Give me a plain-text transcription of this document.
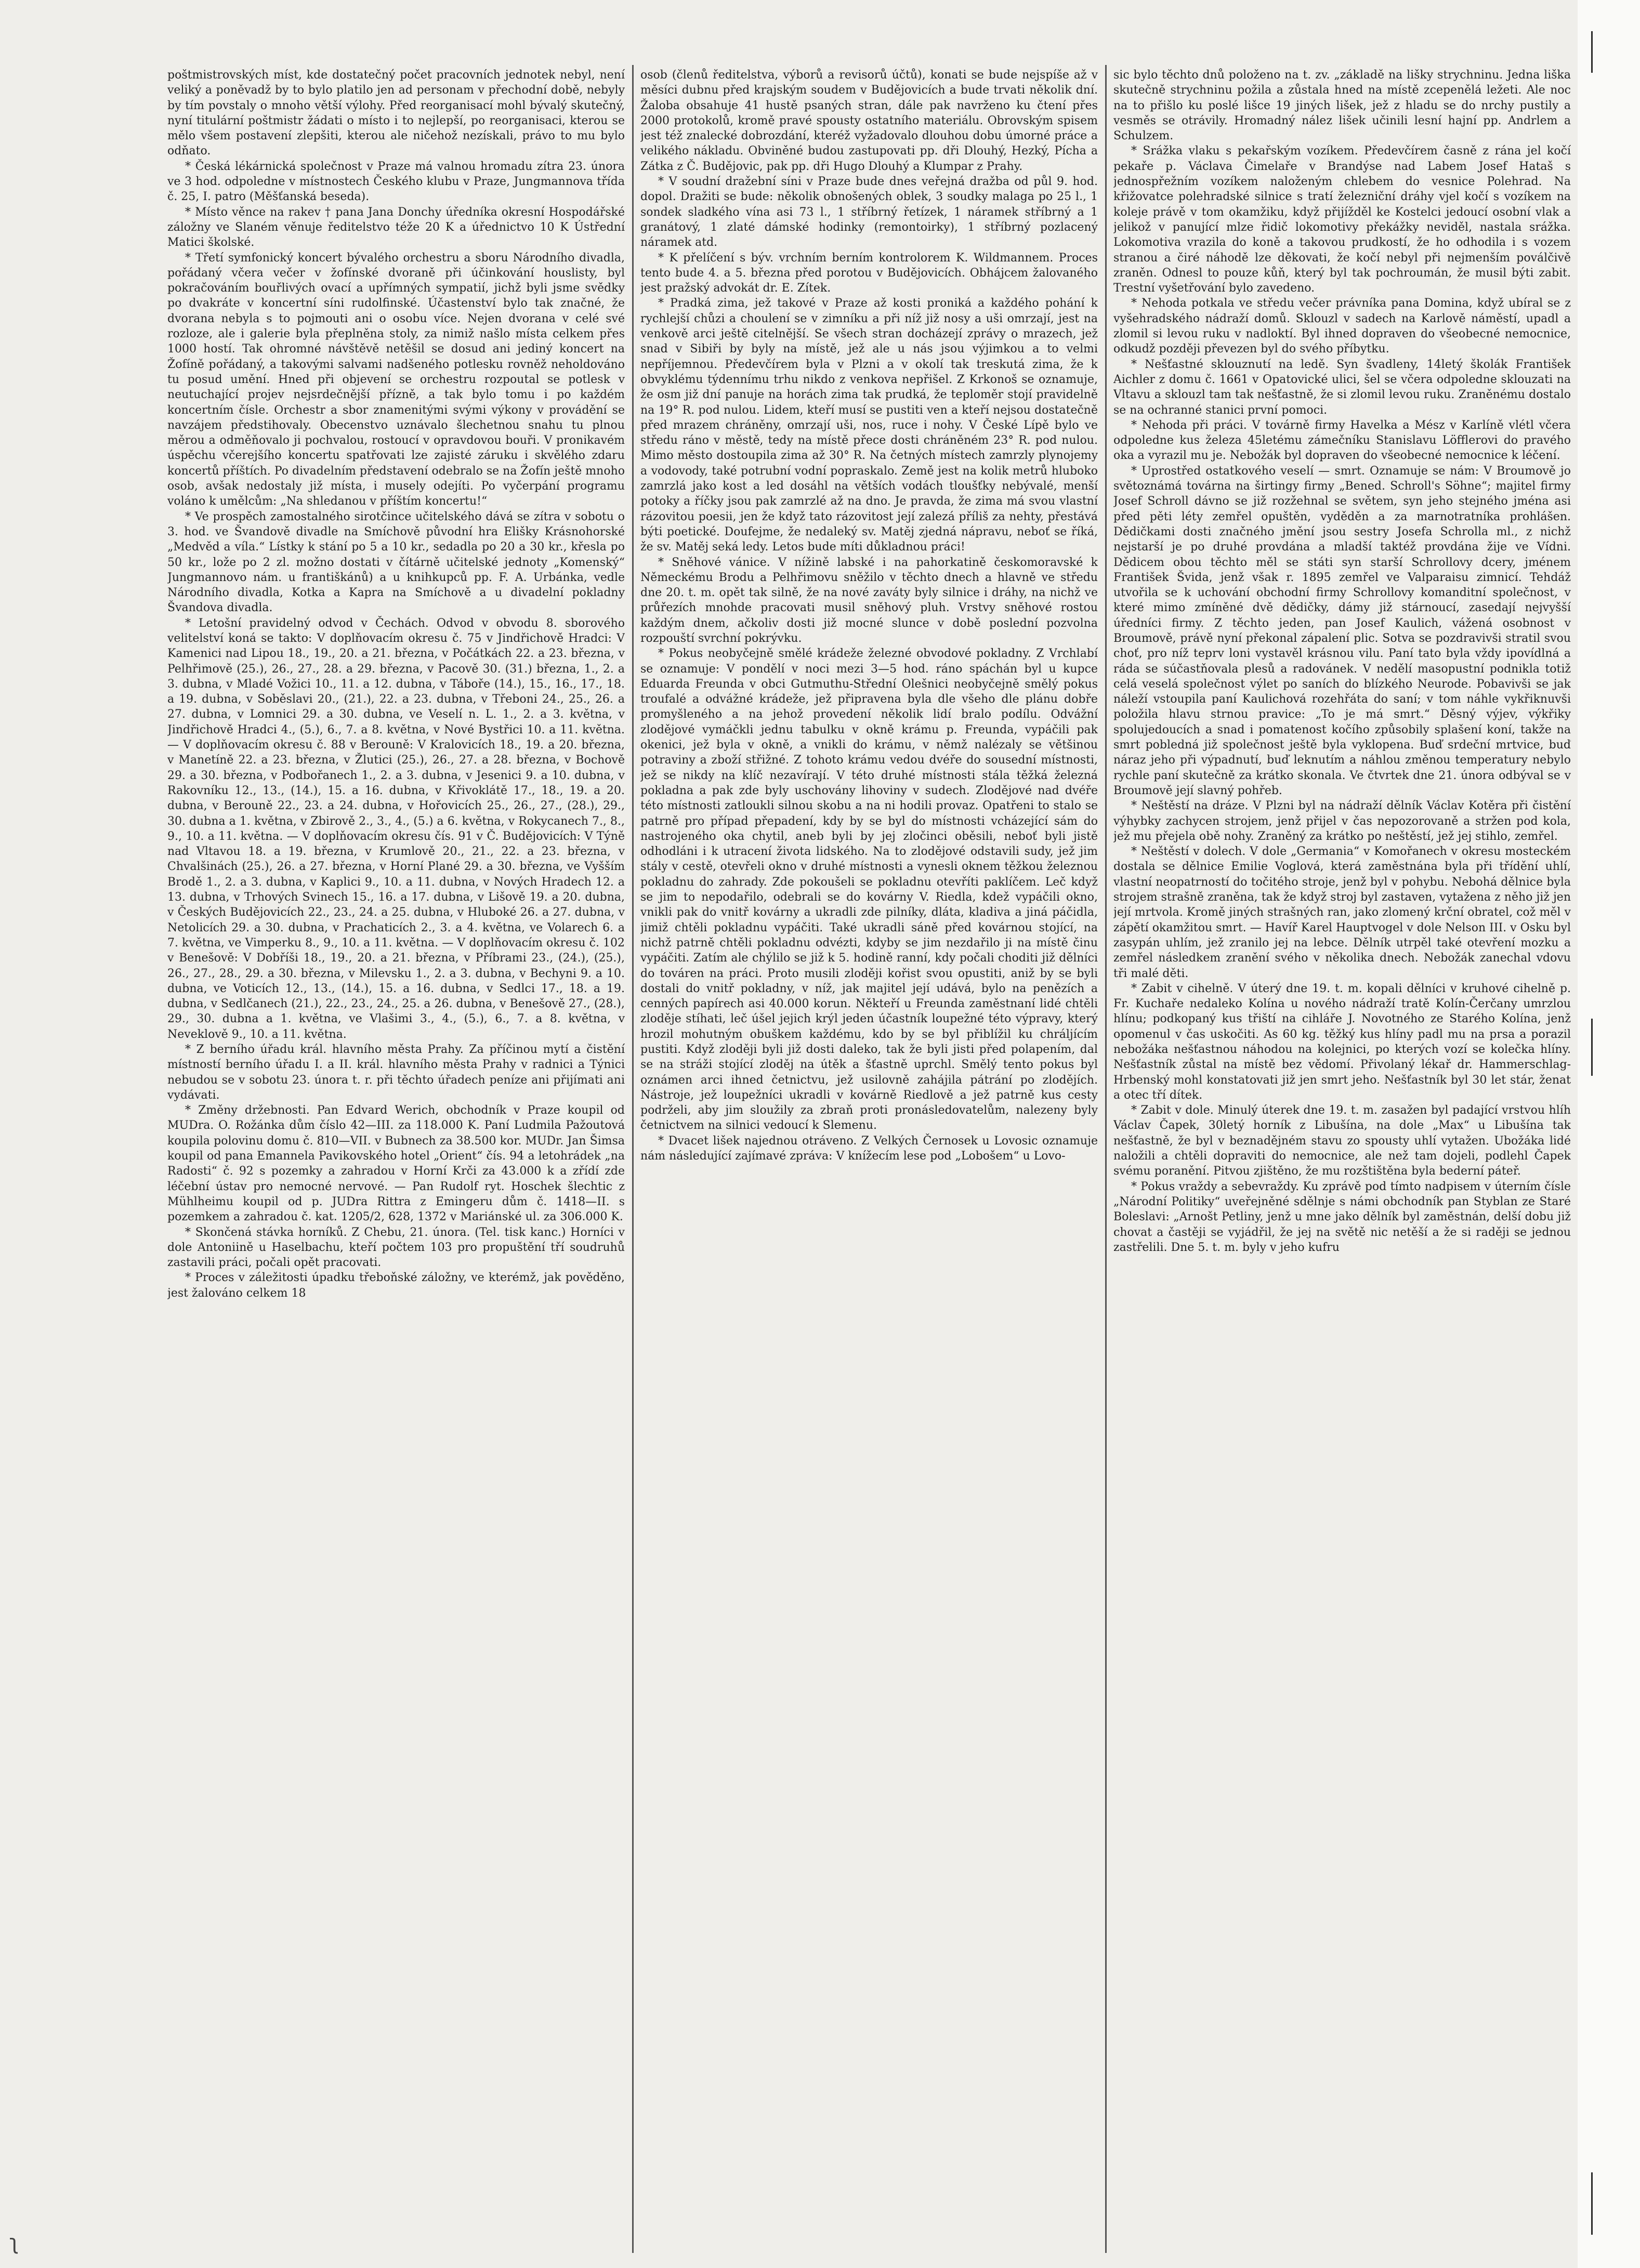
poštmistrovských míst, kde dostatečný počet pracovních jednotek nebyl, není veliký a poněvadž by to bylo platilo jen ad personam v přechodní době, nebyly by tím povstaly o mnoho větší výlohy. Před reorganisací mohl bývalý skutečný, nyní titulární poštmistr žádati o místo i to nejlepší, po reorganisaci, kterou se mělo všem postavení zlepšiti, kterou ale ničehož nezískali, právo to mu bylo odňato.

* Česká lékárnická společnost v Praze má valnou hromadu zítra 23. února ve 3 hod. odpoledne v místnostech Českého klubu v Praze, Jungmannova třída č. 25, I. patro (Měšťanská beseda).

* Místo věnce na rakev † pana Jana Donchy úředníka okresní Hospodářské záložny ve Slaném věnuje ředitelstvo téže 20 K a úřednictvo 10 K Ústřední Matici školské.

* Třetí symfonický koncert bývalého orchestru a sboru Národního divadla, pořádaný včera večer v žofínské dvoraně při účinkování houslisty, byl pokračováním bouřlivých ovací a upřímných sympatií, jichž byli jsme svědky po dvakráte v koncertní síni rudolfinské. Účastenství bylo tak značné, že dvorana nebyla s to pojmouti ani o osobu více. Nejen dvorana v celé své rozloze, ale i galerie byla přeplněna stoly, za nimiž našlo místa celkem přes 1000 hostí. Tak ohromné návštěvě netěšil se dosud ani jediný koncert na Žofíně pořádaný, a takovými salvami nadšeného potlesku rovněž neholdováno tu posud umění. Hned při objevení se orchestru rozpoutal se potlesk v neutuchající projev nejsrdečnější přízně, a tak bylo tomu i po každém koncertním čísle. Orchestr a sbor znamenitými svými výkony v provádění se navzájem předstihovaly. Obecenstvo uznávalo šlechetnou snahu tu plnou měrou a odměňovalo ji pochvalou, rostoucí v opravdovou bouři. V pronikavém úspěchu včerejšího koncertu spatřovati lze zajisté záruku i skvělého zdaru koncertů příštích. Po divadelním představení odebralo se na Žofín ještě mnoho osob, avšak nedostaly již místa, i musely odejíti. Po vyčerpání programu voláno k umělcům: „Na shledanou v příštím koncertu!“

* Ve prospěch zamostalného sirotčince učitelského dává se zítra v sobotu o 3. hod. ve Švandově divadle na Smíchově původní hra Elišky Krásnohorské „Medvěd a víla.“ Lístky k stání po 5 a 10 kr., sedadla po 20 a 30 kr., křesla po 50 kr., lože po 2 zl. možno dostati v čítárně učitelské jednoty „Komenský“ Jungmannovo nám. u františkánů) a u knihkupců pp. F. A. Urbánka, vedle Národního divadla, Kotka a Kapra na Smíchově a u divadelní pokladny Švandova divadla.

* Letošní pravidelný odvod v Čechách. Odvod v obvodu 8. sborového velitelství koná se takto: V doplňovacím okresu č. 75 v Jindřichově Hradci: V Kamenici nad Lipou 18., 19., 20. a 21. března, v Počátkách 22. a 23. března, v Pelhřimově (25.), 26., 27., 28. a 29. března, v Pacově 30. (31.) března, 1., 2. a 3. dubna, v Mladé Vožici 10., 11. a 12. dubna, v Táboře (14.), 15., 16., 17., 18. a 19. dubna, v Soběslavi 20., (21.), 22. a 23. dubna, v Třeboni 24., 25., 26. a 27. dubna, v Lomnici 29. a 30. dubna, ve Veselí n. L. 1., 2. a 3. května, v Jindřichově Hradci 4., (5.), 6., 7. a 8. května, v Nové Bystřici 10. a 11. května. — V doplňovacím okresu č. 88 v Berouně: V Kralovicích 18., 19. a 20. března, v Manetíně 22. a 23. března, v Žlutici (25.), 26., 27. a 28. března, v Bochově 29. a 30. března, v Podbořanech 1., 2. a 3. dubna, v Jesenici 9. a 10. dubna, v Rakovníku 12., 13., (14.), 15. a 16. dubna, v Křivoklátě 17., 18., 19. a 20. dubna, v Berouně 22., 23. a 24. dubna, v Hořovicích 25., 26., 27., (28.), 29., 30. dubna a 1. května, v Zbirově 2., 3., 4., (5.) a 6. května, v Rokycanech 7., 8., 9., 10. a 11. května. — V doplňovacím okresu čís. 91 v Č. Budějovicích: V Týně nad Vltavou 18. a 19. března, v Krumlově 20., 21., 22. a 23. března, v Chvalšinách (25.), 26. a 27. března, v Horní Plané 29. a 30. března, ve Vyšším Brodě 1., 2. a 3. dubna, v Kaplici 9., 10. a 11. dubna, v Nových Hradech 12. a 13. dubna, v Trhových Svinech 15., 16. a 17. dubna, v Lišově 19. a 20. dubna, v Českých Budějovicích 22., 23., 24. a 25. dubna, v Hluboké 26. a 27. dubna, v Netolicích 29. a 30. dubna, v Prachaticích 2., 3. a 4. května, ve Volarech 6. a 7. května, ve Vimperku 8., 9., 10. a 11. května. — V doplňovacím okresu č. 102 v Benešově: V Dobříši 18., 19., 20. a 21. března, v Příbrami 23., (24.), (25.), 26., 27., 28., 29. a 30. března, v Milevsku 1., 2. a 3. dubna, v Bechyni 9. a 10. dubna, ve Voticích 12., 13., (14.), 15. a 16. dubna, v Sedlci 17., 18. a 19. dubna, v Sedlčanech (21.), 22., 23., 24., 25. a 26. dubna, v Benešově 27., (28.), 29., 30. dubna a 1. května, ve Vlašimi 3., 4., (5.), 6., 7. a 8. května, v Neveklově 9., 10. a 11. května.

* Z berního úřadu král. hlavního města Prahy. Za příčinou mytí a čistění místností berního úřadu I. a II. král. hlavního města Prahy v radnici a Týnici nebudou se v sobotu 23. února t. r. při těchto úřadech peníze ani přijímati ani vydávati.

* Změny držebnosti. Pan Edvard Werich, obchodník v Praze koupil od MUDra. O. Rožánka dům číslo 42—III. za 118.000 K. Paní Ludmila Pažoutová koupila polovinu domu č. 810—VII. v Bubnech za 38.500 kor. MUDr. Jan Šimsa koupil od pana Emannela Pavikovského hotel „Orient“ čís. 94 a letohrádek „na Radosti“ č. 92 s pozemky a zahradou v Horní Krči za 43.000 k a zřídí zde léčební ústav pro nemocné nervové. — Pan Rudolf ryt. Hoschek šlechtic z Mühlheimu koupil od p. JUDra Rittra z Emingeru dům č. 1418—II. s pozemkem a zahradou č. kat. 1205/2, 628, 1372 v Mariánské ul. za 306.000 K.

* Skončená stávka horníků. Z Chebu, 21. února. (Tel. tisk kanc.) Horníci v dole Antoniině u Haselbachu, kteří počtem 103 pro propuštění tří soudruhů zastavili práci, počali opět pracovati.

* Proces v záležitosti úpadku třeboňské záložny, ve kterémž, jak pověděno, jest žalováno celkem 18

osob (členů ředitelstva, výborů a revisorů účtů), konati se bude nejspíše až v měsíci dubnu před krajským soudem v Budějovicích a bude trvati několik dní. Žaloba obsahuje 41 hustě psaných stran, dále pak navrženo ku čtení přes 2000 protokolů, kromě pravé spousty ostatního materiálu. Obrovským spisem jest též znalecké dobrozdání, kteréž vyžadovalo dlouhou dobu úmorné práce a velikého nákladu. Obviněné budou zastupovati pp. dři Dlouhý, Hezký, Pícha a Zátka z Č. Budějovic, pak pp. dři Hugo Dlouhý a Klumpar z Prahy.

* V soudní dražební síni v Praze bude dnes veřejná dražba od půl 9. hod. dopol. Dražiti se bude: několik obnošených oblek, 3 soudky malaga po 25 l., 1 sondek sladkého vína asi 73 l., 1 stříbrný řetízek, 1 náramek stříbrný a 1 granátový, 1 zlaté dámské hodinky (remontoirky), 1 stříbrný pozlacený náramek atd.

* K přelíčení s býv. vrchním berním kontrolorem K. Wildmannem. Proces tento bude 4. a 5. března před porotou v Budějovicích. Obhájcem žalovaného jest pražský advokát dr. E. Zítek.

* Pradká zima, jež takové v Praze až kosti proniká a každého pohání k rychlejší chůzi a choulení se v zimníku a při níž již nosy a uši omrzají, jest na venkově arci ještě citelnější. Se všech stran docházejí zprávy o mrazech, jež snad v Sibiři by byly na místě, jež ale u nás jsou výjimkou a to velmi nepříjemnou. Předevčírem byla v Plzni a v okolí tak treskutá zima, že k obvyklému týdennímu trhu nikdo z venkova nepřišel. Z Krkonoš se oznamuje, že osm již dní panuje na horách zima tak prudká, že teploměr stojí pravidelně na 19° R. pod nulou. Lidem, kteří musí se pustiti ven a kteří nejsou dostatečně před mrazem chráněny, omrzají uši, nos, ruce i nohy. V České Lípě bylo ve středu ráno v městě, tedy na místě přece dosti chráněném 23° R. pod nulou. Mimo město dostoupila zima až 30° R. Na četných místech zamrzly plynojemy a vodovody, také potrubní vodní popraskalo. Země jest na kolik metrů hluboko zamrzlá jako kost a led dosáhl na větších vodách tloušťky nebývalé, menší potoky a říčky jsou pak zamrzlé až na dno. Je pravda, že zima má svou vlastní rázovitou poesii, jen že když tato rázovitost její zalezá příliš za nehty, přestává býti poetické. Doufejme, že nedaleký sv. Matěj zjedná nápravu, neboť se říká, že sv. Matěj seká ledy. Letos bude míti důkladnou práci!

* Sněhové vánice. V nížině labské i na pahorkatině českomoravské k Německému Brodu a Pelhřimovu sněžilo v těchto dnech a hlavně ve středu dne 20. t. m. opět tak silně, že na nové zaváty byly silnice i dráhy, na nichž ve průřezích mnohde pracovati musil sněhový pluh. Vrstvy sněhové rostou každým dnem, ačkoliv dosti již mocné slunce v době poslední pozvolna rozpouští svrchní pokrývku.

* Pokus neobyčejně smělé krádeže železné obvodové pokladny. Z Vrchlabí se oznamuje: V pondělí v noci mezi 3—5 hod. ráno spáchán byl u kupce Eduarda Freunda v obci Gutmuthu-Střední Olešnici neobyčejně smělý pokus troufalé a odvážné krádeže, jež připravena byla dle všeho dle plánu dobře promyšleného a na jehož provedení několik lidí bralo podílu. Odvážní zlodějové vymáčkli jednu tabulku v okně krámu p. Freunda, vypáčili pak okenici, jež byla v okně, a vnikli do krámu, v němž nalézaly se většinou potraviny a zboží střižné. Z tohoto krámu vedou dvéře do sousední místnosti, jež se nikdy na klíč nezavírají. V této druhé místnosti stála těžká železná pokladna a pak zde byly uschovány lihoviny v sudech. Zlodějové nad dvéře této místnosti zatloukli silnou skobu a na ni hodili provaz. Opatřeni to stalo se patrně pro případ přepadení, kdy by se byl do místnosti vcházející sám do nastrojeného oka chytil, aneb byli by jej zločinci oběsili, neboť byli jistě odhodláni i k utracení života lidského. Na to zlodějové odstavili sudy, jež jim stály v cestě, otevřeli okno v druhé místnosti a vynesli oknem těžkou železnou pokladnu do zahrady. Zde pokoušeli se pokladnu otevříti paklíčem. Leč když se jim to nepodařilo, odebrali se do kovárny V. Riedla, kdež vypáčili okno, vnikli pak do vnitř kovárny a ukradli zde pilníky, dláta, kladiva a jiná páčidla, jimiž chtěli pokladnu vypáčiti. Také ukradli sáně před kovárnou stojící, na nichž patrně chtěli pokladnu odvézti, kdyby se jim nezdařilo ji na místě činu vypáčiti. Zatím ale chýlilo se již k 5. hodině ranní, kdy počali choditi již dělníci do továren na práci. Proto musili zloději kořist svou opustiti, aniž by se byli dostali do vnitř pokladny, v níž, jak majitel její udává, bylo na penězích a cenných papírech asi 40.000 korun. Někteří u Freunda zaměstnaní lidé chtěli zloděje stíhati, leč úšel jejich krýl jeden účastník loupežné této výpravy, který hrozil mohutným obuškem každému, kdo by se byl přiblížil ku chráljícím pustiti. Když zloději byli již dosti daleko, tak že byli jisti před polapením, dal se na stráži stojící zloděj na útěk a šťastně uprchl. Smělý tento pokus byl oznámen arci ihned četnictvu, jež usilovně zahájila pátrání po zlodějích. Nástroje, jež loupežníci ukradli v kovárně Riedlově a jež patrně kus cesty podrželi, aby jim sloužily za zbraň proti pronásledovatelům, nalezeny byly četnictvem na silnici vedoucí k Slemenu.

* Dvacet lišek najednou otráveno. Z Velkých Černosek u Lovosic oznamuje nám následující zajímavé zpráva: V knížecím lese pod „Lobošem“ u Lovo-

sic bylo těchto dnů položeno na t. zv. „základě na lišky strychninu. Jedna liška skutečně strychninu požila a zůstala hned na místě zcepenělá ležeti. Ale noc na to přišlo ku poslé lišce 19 jiných lišek, jež z hladu se do nrchy pustily a vesměs se otrávily. Hromadný nález lišek učinili lesní hajní pp. Andrlem a Schulzem.

* Srážka vlaku s pekařským vozíkem. Předevčírem časně z rána jel kočí pekaře p. Václava Čimelaře v Brandýse nad Labem Josef Hataš s jednospřežním vozíkem naloženým chlebem do vesnice Polehrad. Na křižovatce polehradské silnice s tratí železniční dráhy vjel kočí s vozíkem na koleje právě v tom okamžiku, když přijížděl ke Kostelci jedoucí osobní vlak a jelikož v panující mlze řidič lokomotivy překážky neviděl, nastala srážka. Lokomotiva vrazila do koně a takovou prudkostí, že ho odhodila i s vozem stranou a čiré náhodě lze děkovati, že kočí nebyl při nejmenším poválčivě zraněn. Odnesl to pouze kůň, který byl tak pochroumán, že musil býti zabit. Trestní vyšetřování bylo zavedeno.

* Nehoda potkala ve středu večer právníka pana Domina, když ubíral se z vyšehradského nádraží domů. Sklouzl v sadech na Karlově náměstí, upadl a zlomil si levou ruku v nadloktí. Byl ihned dopraven do všeobecné nemocnice, odkudž později převezen byl do svého příbytku.

* Nešťastné sklouznutí na ledě. Syn švadleny, 14letý školák František Aichler z domu č. 1661 v Opatovické ulici, šel se včera odpoledne sklouzati na Vltavu a sklouzl tam tak nešťastně, že si zlomil levou ruku. Zraněnému dostalo se na ochranné stanici první pomoci.

* Nehoda při práci. V továrně firmy Havelka a Mész v Karlíně vlétl včera odpoledne kus železa 45letému zámečníku Stanislavu Löfflerovi do pravého oka a vyrazil mu je. Nebožák byl dopraven do všeobecné nemocnice k léčení.

* Uprostřed ostatkového veselí — smrt. Oznamuje se nám: V Broumově jo světoznámá továrna na širtingy firmy „Bened. Schroll's Söhne“; majitel firmy Josef Schroll dávno se již rozžehnal se světem, syn jeho stejného jména asi před pěti léty zemřel opuštěn, vyděděn a za marnotratníka prohlášen. Dědičkami dosti značného jmění jsou sestry Josefa Schrolla ml., z nichž nejstarší je po druhé provdána a mladší taktéž provdána žije ve Vídni. Dědicem obou těchto měl se státi syn starší Schrollovy dcery, jménem František Švida, jenž však r. 1895 zemřel ve Valparaisu zimnicí. Tehdáž utvořila se k uchování obchodní firmy Schrollovy komanditní společnost, v které mimo zmíněné dvě dědičky, dámy již stárnoucí, zasedají nejvyšší úředníci firmy. Z těchto jeden, pan Josef Kaulich, vážená osobnost v Broumově, právě nyní překonal zápalení plic. Sotva se pozdravivši stratil svou choť, pro níž teprv loni vystavěl krásnou vilu. Paní tato byla vždy ipovídlná a ráda se súčastňovala plesů a radovánek. V nedělí masopustní podnikla totiž celá veselá společnost výlet po saních do blízkého Neurode. Pobavivši se jak náleží vstoupila paní Kaulichová rozehřáta do saní; v tom náhle vykřiknuvši položila hlavu strnou pravice: „To je má smrt.“ Děsný výjev, výkřiky spolujedoucích a snad i pomatenost kočího způsobily splašení koní, takže na smrt pobledná již společnost ještě byla vyklopena. Buď srdeční mrtvice, buď náraz jeho při výpadnutí, buď leknutím a náhlou změnou temperatury nebylo rychle paní skutečně za krátko skonala. Ve čtvrtek dne 21. února odbýval se v Broumově její slavný pohřeb.

* Neštěstí na dráze. V Plzni byl na nádraží dělník Václav Kotěra při čistění výhybky zachycen strojem, jenž přijel v čas nepozorovaně a stržen pod kola, jež mu přejela obě nohy. Zraněný za krátko po neštěstí, jež jej stihlo, zemřel.

* Neštěstí v dolech. V dole „Germania“ v Komořanech v okresu mosteckém dostala se dělnice Emilie Voglová, která zaměstnána byla při třídění uhlí, vlastní neopatrností do točitého stroje, jenž byl v pohybu. Nebohá dělnice byla strojem strašně zraněna, tak že když stroj byl zastaven, vytažena z něho již jen její mrtvola. Kromě jiných strašných ran, jako zlomený krční obratel, což měl v zápětí okamžitou smrt. — Havíř Karel Hauptvogel v dole Nelson III. v Osku byl zasypán uhlím, jež zranilo jej na lebce. Dělník utrpěl také otevření mozku a zemřel následkem zranění svého v několika dnech. Nebožák zanechal vdovu tři malé děti.

* Zabit v cihelně. V úterý dne 19. t. m. kopali dělníci v kruhové cihelně p. Fr. Kuchaře nedaleko Kolína u nového nádraží tratě Kolín-Čerčany umrzlou hlínu; podkopaný kus třiští na cihláře J. Novotného ze Starého Kolína, jenž opomenul v čas uskočiti. As 60 kg. těžký kus hlíny padl mu na prsa a porazil nebožáka nešťastnou náhodou na kolejnici, po kterých vozí se kolečka hlíny. Nešťastník zůstal na místě bez vědomí. Přivolaný lékař dr. Hammerschlag-Hrbenský mohl konstatovati již jen smrt jeho. Nešťastník byl 30 let stár, ženat a otec tří dítek.

* Zabit v dole. Minulý úterek dne 19. t. m. zasažen byl padající vrstvou hlíh Václav Čapek, 30letý horník z Libušína, na dole „Max“ u Libušína tak nešťastně, že byl v beznadějném stavu zo spousty uhlí vytažen. Ubožáka lidé naložili a chtěli dopraviti do nemocnice, ale než tam dojeli, podlehl Čapek svému poranění. Pitvou zjištěno, že mu rozštištěna byla bederní páteř.

* Pokus vraždy a sebevraždy. Ku zprávě pod tímto nadpisem v úterním čísle „Národní Politiky“ uveřejněné sdělnje s námi obchodník pan Styblan ze Staré Boleslavi: „Arnošt Petliny, jenž u mne jako dělník byl zaměstnán, delší dobu již chovat a častěji se vyjádřil, že jej na světě nic netěší a že si raději se jednou zastřelili. Dne 5. t. m. byly v jeho kufru

ʅ
